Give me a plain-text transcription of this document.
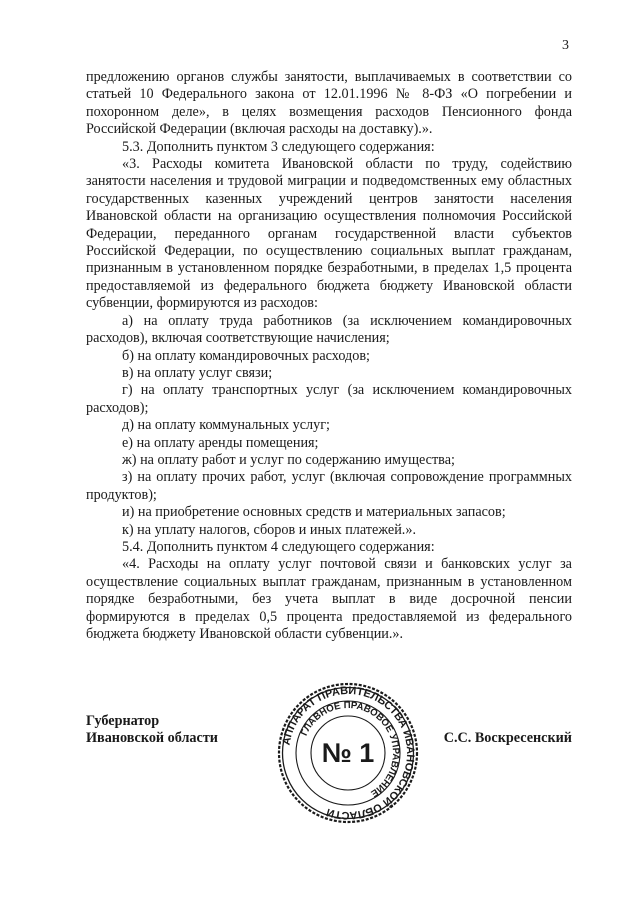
3

предложению органов службы занятости, выплачиваемых в соответствии со статьей 10 Федерального закона от 12.01.1996 № 8-ФЗ «О погребении и похоронном деле», в целях возмещения расходов Пенсионного фонда Российской Федерации (включая расходы на доставку).».

5.3. Дополнить пунктом 3 следующего содержания:

«3. Расходы комитета Ивановской области по труду, содействию занятости населения и трудовой миграции и подведомственных ему областных государственных казенных учреждений центров занятости населения Ивановской области на организацию осуществления полномочия Российской Федерации, переданного органам государственной власти субъектов Российской Федерации, по осуществлению социальных выплат гражданам, признанным в установленном порядке безработными, в пределах 1,5 процента предоставляемой из федерального бюджета бюджету Ивановской области субвенции, формируются из расходов:

а) на оплату труда работников (за исключением командировочных расходов), включая соответствующие начисления;

б) на оплату командировочных расходов;

в) на оплату услуг связи;

г) на оплату транспортных услуг (за исключением командировочных расходов);

д) на оплату коммунальных услуг;

е) на оплату аренды помещения;

ж) на оплату работ и услуг по содержанию имущества;

з) на оплату прочих работ, услуг (включая сопровождение программных продуктов);

и) на приобретение основных средств и материальных запасов;

к) на уплату налогов, сборов и иных платежей.».

5.4. Дополнить пунктом 4 следующего содержания:

«4. Расходы на оплату услуг почтовой связи и банковских услуг за осуществление социальных выплат гражданам, признанным в установленном порядке безработными, без учета выплат в виде досрочной пенсии формируются в пределах 0,5 процента предоставляемой из федерального бюджета бюджету Ивановской области субвенции.».

Губернатор
Ивановской области	АППАРАТ ПРАВИТЕЛЬСТВА ИВАНОВСКОЙ ОБЛАСТИ
ГЛАВНОЕ ПРАВОВОЕ УПРАВЛЕНИЕ
№ 1	С.С. Воскресенский
